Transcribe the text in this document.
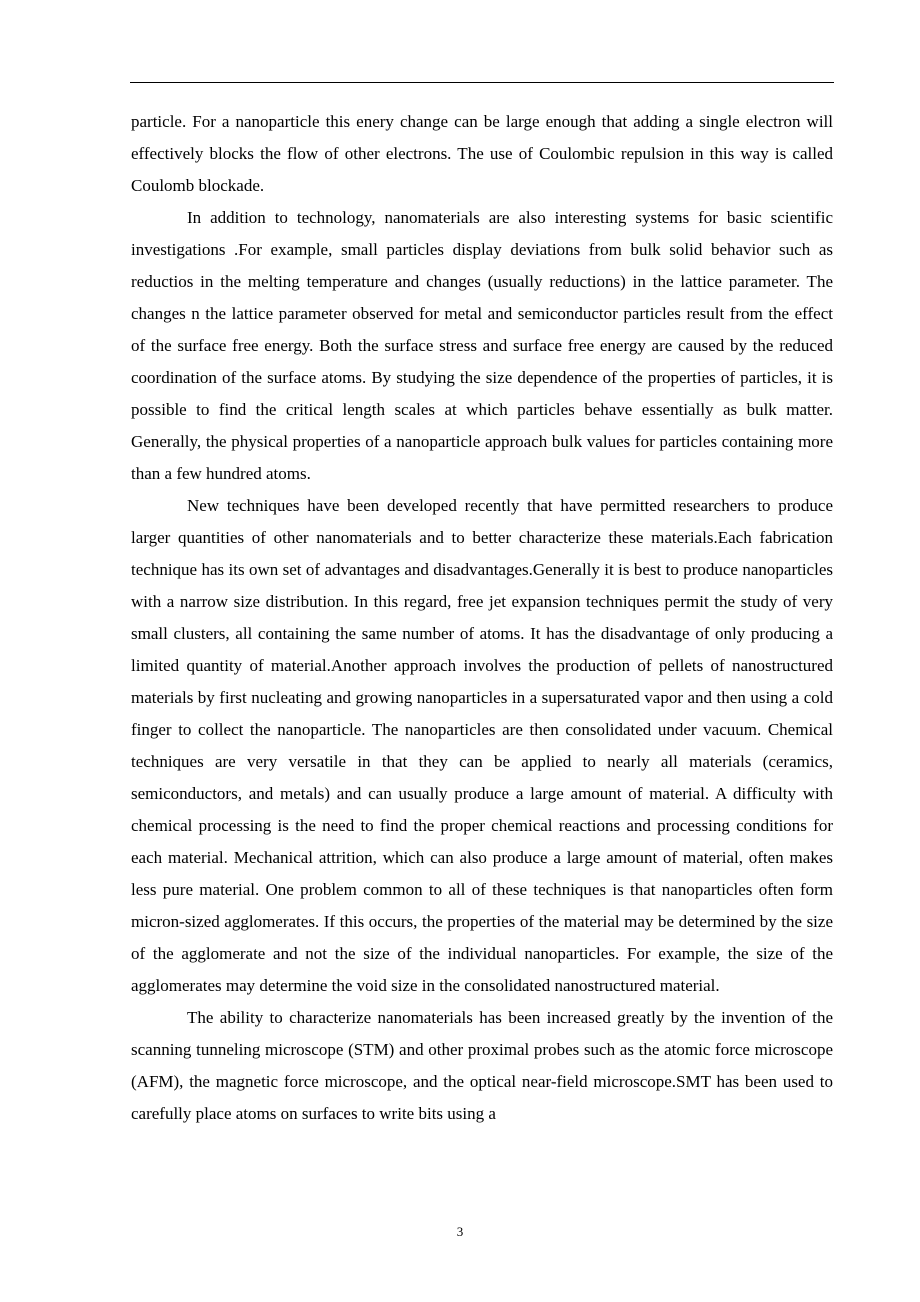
particle. For a nanoparticle this enery change can be large enough that adding a single electron will effectively blocks the flow of other electrons. The use of Coulombic repulsion in this way is called Coulomb blockade.

In addition to technology, nanomaterials are also interesting systems for basic scientific investigations .For example, small particles display deviations from bulk solid behavior such as reductios in the melting temperature and changes (usually reductions) in the lattice parameter. The changes n the lattice parameter observed for metal and semiconductor particles result from the effect of the surface free energy. Both the surface stress and surface free energy are caused by the reduced coordination of the surface atoms. By studying the size dependence of the properties of particles, it is possible to find the critical length scales at which particles behave essentially as bulk matter. Generally, the physical properties of a nanoparticle approach bulk values for particles containing more than a few hundred atoms.

New techniques have been developed recently that have permitted researchers to produce larger quantities of other nanomaterials and to better characterize these materials.Each fabrication technique has its own set of advantages and disadvantages.Generally it is best to produce nanoparticles with a narrow size distribution. In this regard, free jet expansion techniques permit the study of very small clusters, all containing the same number of atoms. It has the disadvantage of only producing a limited quantity of material.Another approach involves the production of pellets of nanostructured materials by first nucleating and growing nanoparticles in a supersaturated vapor and then using a cold finger to collect the nanoparticle. The nanoparticles are then consolidated under vacuum. Chemical techniques are very versatile in that they can be applied to nearly all materials (ceramics, semiconductors, and metals) and can usually produce a large amount of material. A difficulty with chemical processing is the need to find the proper chemical reactions and processing conditions for each material. Mechanical attrition, which can also produce a large amount of material, often makes less pure material. One problem common to all of these techniques is that nanoparticles often form micron-sized agglomerates. If this occurs, the properties of the material may be determined by the size of the agglomerate and not the size of the individual nanoparticles. For example, the size of the agglomerates may determine the void size in the consolidated nanostructured material.

The ability to characterize nanomaterials has been increased greatly by the invention of the scanning tunneling microscope (STM) and other proximal probes such as the atomic force microscope (AFM), the magnetic force microscope, and the optical near-field microscope.SMT has been used to carefully place atoms on surfaces to write bits using a

3
